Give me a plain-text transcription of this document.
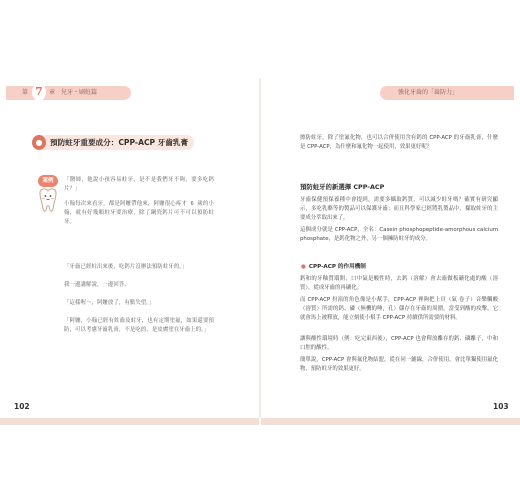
第 7	章　兒牙・刷蛀篇	強化牙齒的「齒防力」
● 預防蛀牙重要成分：CPP-ACP 牙齒乳膏
案例	「醫師，他說小孩容易蛀牙，是不是我們牙不夠，要多吃鈣片？」
小翰每次來看牙，都是阿嬤帶他來，阿嬤很心疼才 6 歲的小翰，就有好幾顆蛀牙要治療，除了鋼瓷鈣片可不可以預防蛀牙。
「牙齒已經蛀出來後，吃鈣片沒辦法預防蛀牙的。」
我一邊講解說，一邊回答。
「這樣喔～，阿嬤放了，有點失望。」
「阿嬤，小翰已經有蛀齒及蛀牙，也有定期塗氟，如果還要預防，可以考慮牙齒乳膏，不是吃的，是皮膚塗在牙齒上的。」
102
擦防蛀牙，除了塗氟化物，也可以合併使用含有鈣的 CPP-ACP 的牙齒乳膏，什麼是 CPP-ACP，為什麼和氟化物一起使用，效果更好呢？
預防蛀牙的新選擇 CPP-ACP
牙齒保健預保養種中會提到，需要多攝取鈣質，可以減少蛀牙嗎？確實有研究顯示，多吃乳酪等的製品可以保護牙齒；而且科學家已經將乳製品中，擷取蛀牙的主要成分萃取出來了。
這個成分就是 CPP-ACP，全名：Casein phosphopeptide-amorphous calcium phosphate，是鈣化物之外，另一個擁防蛀牙的成分。
● CPP-ACP 的作用機制
鈣和的牙釉質環開，口中氣是酸性時，去鈣（溶解）會去齒做板礦化處的酸（溶質），從成牙齒的再礦化。
而 CPP-ACP 扮演的角色像是小幫手，CPP-ACP 裡夠把上頁（氣 卷子）音樂觸酸（溶質）所需的鈣、磷（無機的唾，孔）儲存在牙齒的周圍，當受到酸的攻擊，它就會馬上被釋放，能立刻使小幫手 CPP-ACP 持續供所需要的材料。
讓與酸性環境時（例：吃完東西後），CPP-ACP 也會釋放離存的鈣、磷離子，中和口腔的酸性。
簡單說，CPP-ACP 會與氟化物結盟，從在同一鋪線，合併使用，會比單獨使用氟化物，預防蛀牙的效果更好。
103
